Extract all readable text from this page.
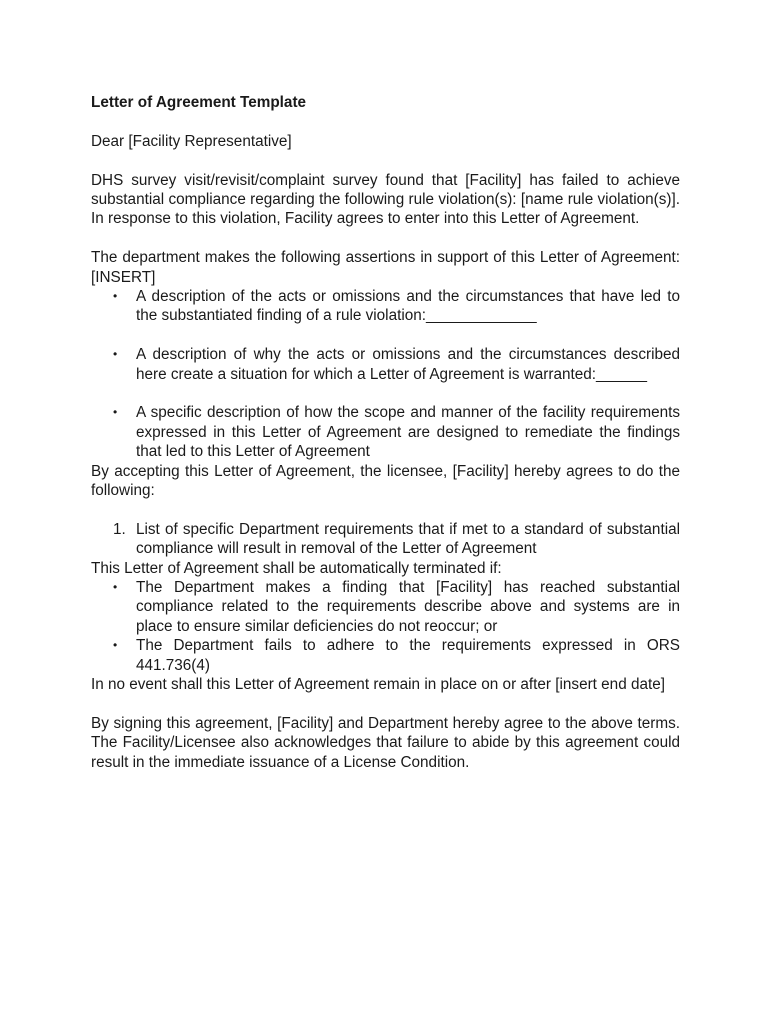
Letter of Agreement Template

Dear [Facility Representative]

DHS survey visit/revisit/complaint survey found that [Facility] has failed to achieve substantial compliance regarding the following rule violation(s): [name rule violation(s)]. In response to this violation, Facility agrees to enter into this Letter of Agreement.

The department makes the following assertions in support of this Letter of Agreement: [INSERT]

• A description of the acts or omissions and the circumstances that have led to the substantiated finding of a rule violation:_____________
• A description of why the acts or omissions and the circumstances described here create a situation for which a Letter of Agreement is warranted:______
• A specific description of how the scope and manner of the facility requirements expressed in this Letter of Agreement are designed to remediate the findings that led to this Letter of Agreement

By accepting this Letter of Agreement, the licensee, [Facility] hereby agrees to do the following:

1. List of specific Department requirements that if met to a standard of substantial compliance will result in removal of the Letter of Agreement

This Letter of Agreement shall be automatically terminated if:

• The Department makes a finding that [Facility] has reached substantial compliance related to the requirements describe above and systems are in place to ensure similar deficiencies do not reoccur; or
• The Department fails to adhere to the requirements expressed in ORS 441.736(4)

In no event shall this Letter of Agreement remain in place on or after [insert end date]

By signing this agreement, [Facility] and Department hereby agree to the above terms. The Facility/Licensee also acknowledges that failure to abide by this agreement could result in the immediate issuance of a License Condition.
